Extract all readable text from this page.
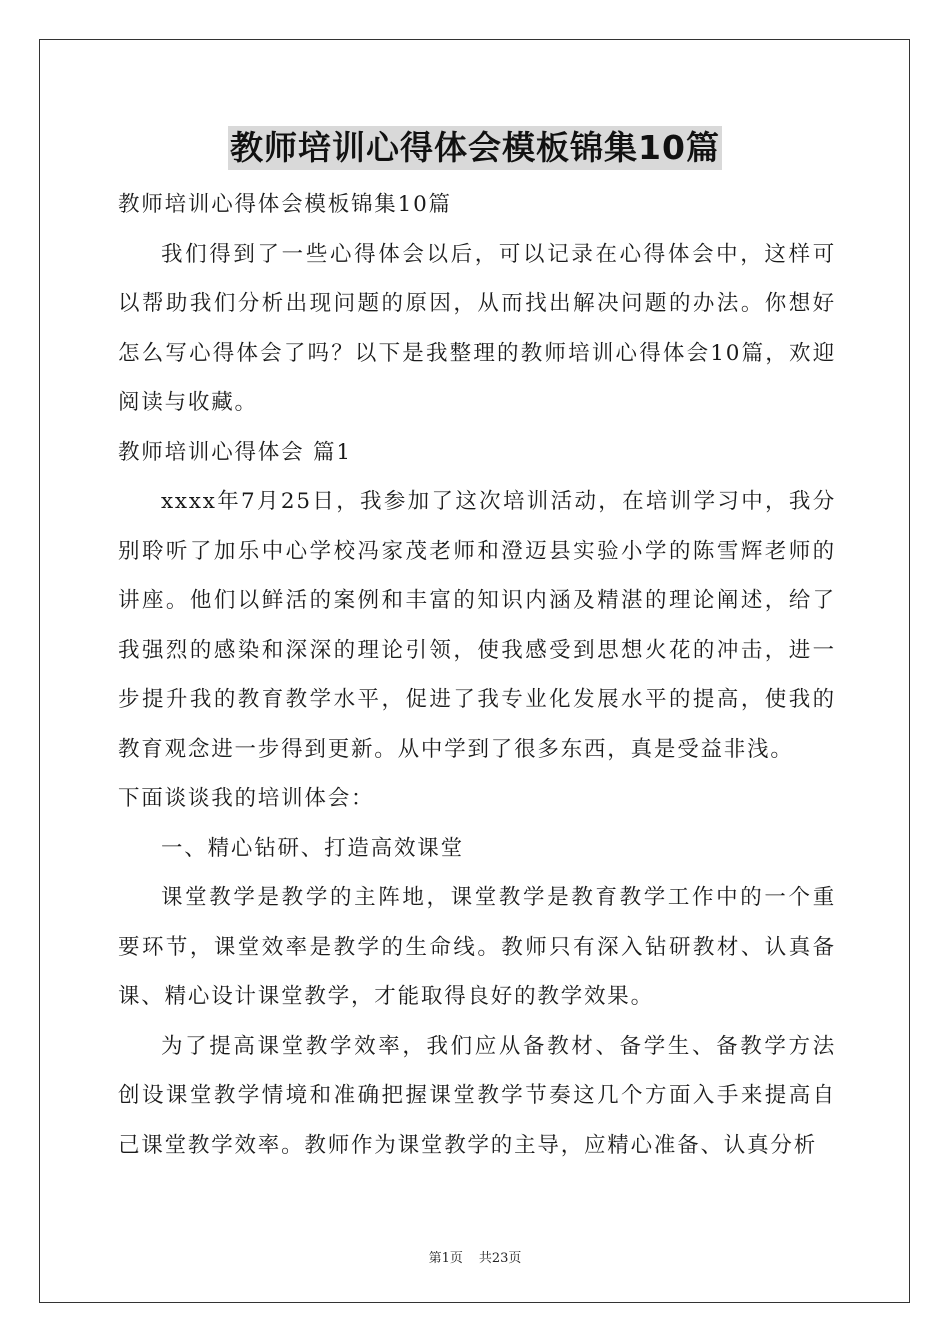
教师培训心得体会模板锦集10篇

教师培训心得体会模板锦集10篇

我们得到了一些心得体会以后，可以记录在心得体会中，这样可以帮助我们分析出现问题的原因，从而找出解决问题的办法。你想好怎么写心得体会了吗？以下是我整理的教师培训心得体会10篇，欢迎阅读与收藏。

教师培训心得体会 篇1

xxxx年7月25日，我参加了这次培训活动，在培训学习中，我分别聆听了加乐中心学校冯家茂老师和澄迈县实验小学的陈雪辉老师的讲座。他们以鲜活的案例和丰富的知识内涵及精湛的理论阐述，给了我强烈的感染和深深的理论引领，使我感受到思想火花的冲击，进一步提升我的教育教学水平，促进了我专业化发展水平的提高，使我的教育观念进一步得到更新。从中学到了很多东西，真是受益非浅。

下面谈谈我的培训体会：

一、精心钻研、打造高效课堂

课堂教学是教学的主阵地，课堂教学是教育教学工作中的一个重要环节，课堂效率是教学的生命线。教师只有深入钻研教材、认真备课、精心设计课堂教学，才能取得良好的教学效果。

为了提高课堂教学效率，我们应从备教材、备学生、备教学方法创设课堂教学情境和准确把握课堂教学节奏这几个方面入手来提高自己课堂教学效率。教师作为课堂教学的主导，应精心准备、认真分析

第1页 共23页
